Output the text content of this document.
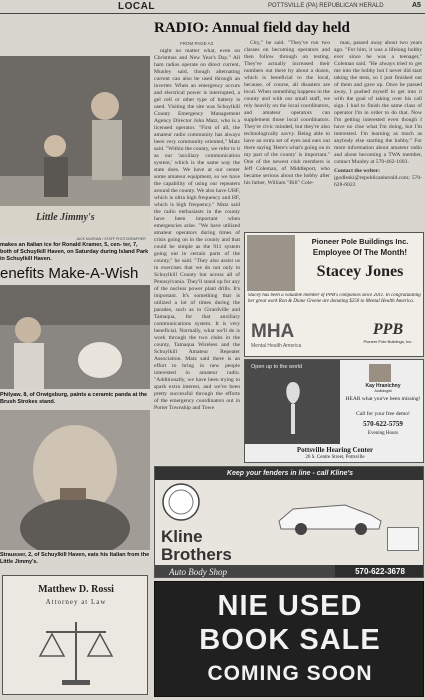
LOCAL	POTTSVILLE (PA) REPUBLICAN HERALD	A5
Little Jimmy's
JACK McGRAW / STAFF PHOTOGRAPHER
makes an Italian ice for Ronald Kramer, 5, cen- ter, 7, both of Schuylkill Haven, on Saturday during Island Park in Schuylkill Haven.
enefits Make-A-Wish
Philyaw, 8, of Orwigsburg, paints a ceramic panda at the Brush Strokes stand.
Strausser, 2, of Schuylkill Haven, eats his Italian from the Little Jimmy's.
Matthew D. Rossi
Attorney at Law
RADIO: Annual field day held
FROM PAGE A3

night no matter what, even on Christmas and New Year's Day." All ham radios operate on direct current, Munley said, though alternating current can also be used through an inverter. When an emergency occurs and electrical power is interrupted, a gel cell or other type of battery is used. Visiting the site was Schuylkill County Emergency Management Agency Director John Matz, who is a licensed operator. "First of all, the amateur radio community has always been very community oriented," Matz said. "Within the county, we refer to it as our 'auxiliary communication system,' which is the same way the state does. We have at our center some amateur equipment, so we have the capability of using our repeaters around the county. We also have UHF, which is ultra high frequency and HF, which is high frequency." Matz said the radio enthusiasts in the county have been important when emergencies arise. "We have utilized amateur operators during times of crisis going on in the county and that could be simple as the 911 system going out in certain parts of the county," he said. "They also assist us in exercises that we do not only in Schuylkill County but across all of Pennsylvania. They'll stand up for any of the nuclear power plant drills. It's important. It's something that is utilized a lot of times during the parades, such as in Girardville and Tamaqua, for that auxiliary communications system. It is very beneficial. Normally, what we'll do is work through the two clubs in the county, Tamaqua Wireless and the Schuylkill Amateur Repeater Association. Matz said there is an effort to bring in new people interested in amateur radio. "Additionally, we have been trying to spark extra interest, and we've been pretty successful through the efforts of the emergency coordinators out in Porter Township and Towe

City," he said. "They've run two classes on becoming operators and then follow through on testing. They've actually increased their numbers out there by about a dozen, which is beneficial to the local, because, of course, all disasters are local. When something happens in the county and with our small staff, we rely heavily on the local coordinators, and amateur operators can supplement those local coordinators. They're civic minded, but they're also technologically savvy. Being able to have an extra set of eyes and ears out there saying 'Here's what's going on in my part of the county' is important." One of the newest club members is Jeff Coleman, of Middleport, who became serious about the hobby after his father, William "Bill" Cole-

man, passed away about two years ago. "For him, it was a lifelong hobby ever since he was a teenager," Coleman said. "He always tried to get me into the hobby but I never did start taking the tests, so I just finished out of them and gave up. Once he passed away, I pushed myself to get into it with the goal of taking over his call sign. I had to finish the same class of operator I'm in order to do that. Now I'm getting interested even though I have no clue what I'm doing, but I'm interested. I'm learning as much as anybody else starting the hobby." For more information about amateur radio and about becoming a TWA member, contact Munley at 570-462-1683.

Contact the writer:
jgodleski@republicanherald.com; 570-628-6023
Pioneer Pole Buildings Inc.
Employee Of The Month!
Stacey Jones
Stacey has been a valuable member of PPB's companies since 2011. In congratulating her great work Ron & Diane Greene are donating $250 to Mental Health America.
MHA
Mental Health America
PPB
Pioneer Pole Buildings, Inc.
Open up to the world
Kay Hranichny
Audiologist
HEAR what you've been missing!
Call for your free demo!
570-622-5759
Evening Hours
Pottsville Hearing Center
26 S. Centre Street, Pottsville
Keep your fenders in line - call Kline's
Kline
Brothers
Auto Body Shop	570-622-3678
NIE USED
BOOK SALE
COMING SOON
